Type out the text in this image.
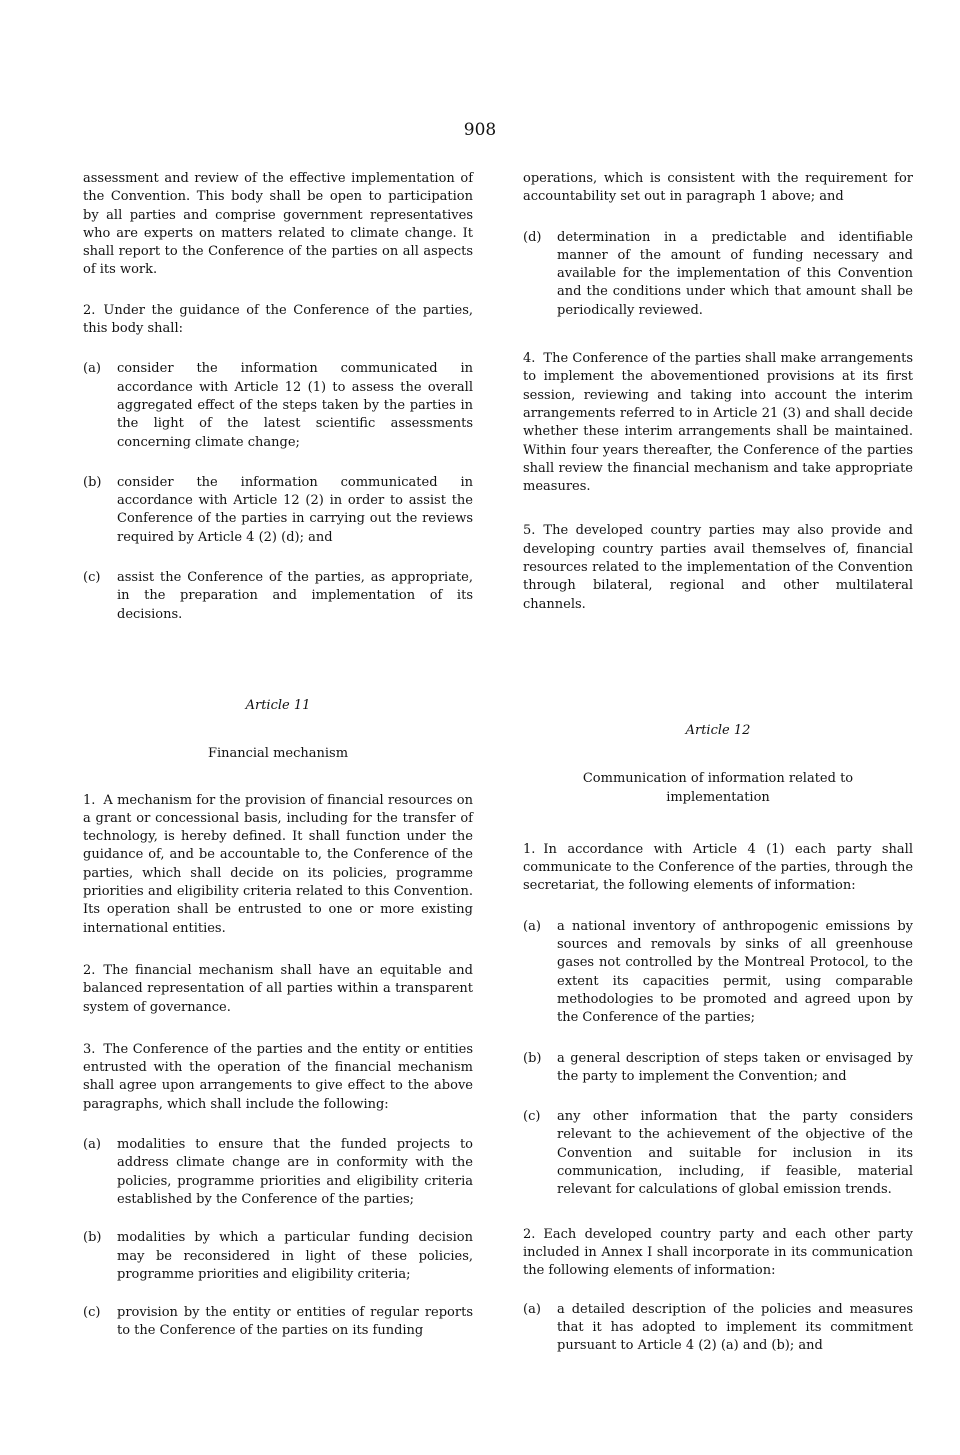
908

assessment and review of the effective implementation of the Convention. This body shall be open to participation by all parties and comprise government representatives who are experts on matters related to climate change. It shall report to the Conference of the parties on all aspects of its work.

2. Under the guidance of the Conference of the parties, this body shall:

(a)	consider the information communicated in accordance with Article 12 (1) to assess the overall aggregated effect of the steps taken by the parties in the light of the latest scientific assessments concerning climate change;
(b)	consider the information communicated in accordance with Article 12 (2) in order to assist the Conference of the parties in carrying out the reviews required by Article 4 (2) (d); and
(c)	assist the Conference of the parties, as appropriate, in the preparation and implementation of its decisions.
Article 11
Financial mechanism

1. A mechanism for the provision of financial resources on a grant or concessional basis, including for the transfer of technology, is hereby defined. It shall function under the guidance of, and be accountable to, the Conference of the parties, which shall decide on its policies, programme priorities and eligibility criteria related to this Convention. Its operation shall be entrusted to one or more existing international entities.

2. The financial mechanism shall have an equitable and balanced representation of all parties within a transparent system of governance.

3. The Conference of the parties and the entity or entities entrusted with the operation of the financial mechanism shall agree upon arrangements to give effect to the above paragraphs, which shall include the following:

(a)	modalities to ensure that the funded projects to address climate change are in conformity with the policies, programme priorities and eligibility criteria established by the Conference of the parties;
(b)	modalities by which a particular funding decision may be reconsidered in light of these policies, programme priorities and eligibility criteria;
(c)	provision by the entity or entities of regular reports to the Conference of the parties on its funding

operations, which is consistent with the requirement for accountability set out in paragraph 1 above; and

(d)	determination in a predictable and identifiable manner of the amount of funding necessary and available for the implementation of this Convention and the conditions under which that amount shall be periodically reviewed.

4. The Conference of the parties shall make arrangements to implement the abovementioned provisions at its first session, reviewing and taking into account the interim arrangements referred to in Article 21 (3) and shall decide whether these interim arrangements shall be maintained. Within four years thereafter, the Conference of the parties shall review the financial mechanism and take appropriate measures.

5. The developed country parties may also provide and developing country parties avail themselves of, financial resources related to the implementation of the Convention through bilateral, regional and other multilateral channels.

Article 12
Communication of information related to implementation

1. In accordance with Article 4 (1) each party shall communicate to the Conference of the parties, through the secretariat, the following elements of information:

(a)	a national inventory of anthropogenic emissions by sources and removals by sinks of all greenhouse gases not controlled by the Montreal Protocol, to the extent its capacities permit, using comparable methodologies to be promoted and agreed upon by the Conference of the parties;
(b)	a general description of steps taken or envisaged by the party to implement the Convention; and
(c)	any other information that the party considers relevant to the achievement of the objective of the Convention and suitable for inclusion in its communication, including, if feasible, material relevant for calculations of global emission trends.

2. Each developed country party and each other party included in Annex I shall incorporate in its communication the following elements of information:

(a)	a detailed description of the policies and measures that it has adopted to implement its commitment pursuant to Article 4 (2) (a) and (b); and
